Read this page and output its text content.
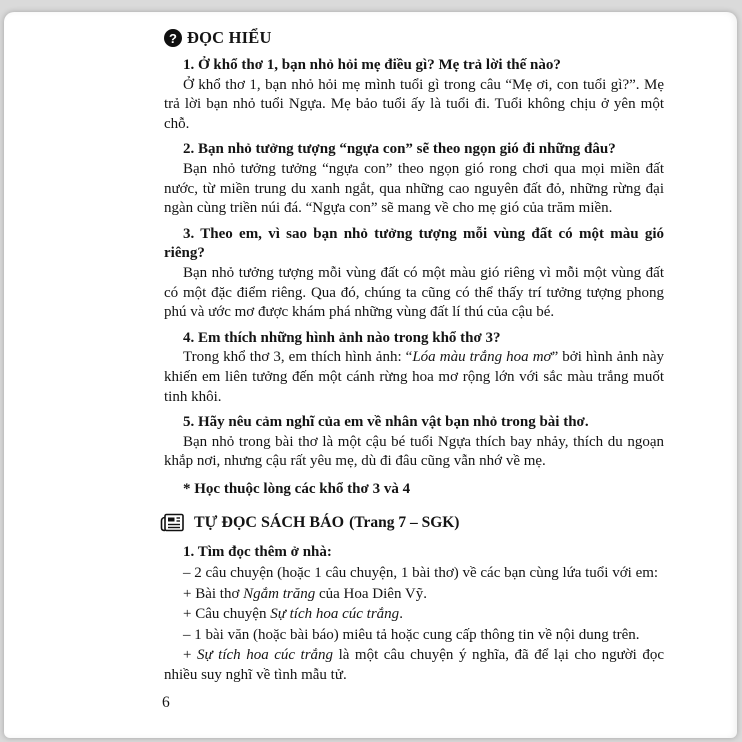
? ĐỌC HIỂU

1. Ở khổ thơ 1, bạn nhỏ hỏi mẹ điều gì? Mẹ trả lời thế nào?

Ở khổ thơ 1, bạn nhỏ hỏi mẹ mình tuổi gì trong câu “Mẹ ơi, con tuổi gì?”. Mẹ trả lời bạn nhỏ tuổi Ngựa. Mẹ bảo tuổi ấy là tuổi đi. Tuổi không chịu ở yên một chỗ.

2. Bạn nhỏ tưởng tượng “ngựa con” sẽ theo ngọn gió đi những đâu?

Bạn nhỏ tưởng tưởng “ngựa con” theo ngọn gió rong chơi qua mọi miền đất nước, từ miền trung du xanh ngắt, qua những cao nguyên đất đỏ, những rừng đại ngàn cùng triền núi đá. “Ngựa con” sẽ mang về cho mẹ gió của trăm miền.

3. Theo em, vì sao bạn nhỏ tưởng tượng mỗi vùng đất có một màu gió riêng?

Bạn nhỏ tưởng tượng mỗi vùng đất có một màu gió riêng vì mỗi một vùng đất có một đặc điểm riêng. Qua đó, chúng ta cũng có thể thấy trí tưởng tượng phong phú và ước mơ được khám phá những vùng đất lí thú của cậu bé.

4. Em thích những hình ảnh nào trong khổ thơ 3?

Trong khổ thơ 3, em thích hình ảnh: “Lóa màu trắng hoa mơ” bởi hình ảnh này khiến em liên tưởng đến một cánh rừng hoa mơ rộng lớn với sắc màu trắng muốt tinh khôi.

5. Hãy nêu cảm nghĩ của em về nhân vật bạn nhỏ trong bài thơ.

Bạn nhỏ trong bài thơ là một cậu bé tuổi Ngựa thích bay nhảy, thích du ngoạn khắp nơi, nhưng cậu rất yêu mẹ, dù đi đâu cũng vẫn nhớ về mẹ.

* Học thuộc lòng các khổ thơ 3 và 4

TỰ ĐỌC SÁCH BÁO (Trang 7 – SGK)

1. Tìm đọc thêm ở nhà:

– 2 câu chuyện (hoặc 1 câu chuyện, 1 bài thơ) về các bạn cùng lứa tuổi với em:

+ Bài thơ Ngắm trăng của Hoa Diên Vỹ.

+ Câu chuyện Sự tích hoa cúc trắng.

– 1 bài văn (hoặc bài báo) miêu tả hoặc cung cấp thông tin về nội dung trên.

+ Sự tích hoa cúc trắng là một câu chuyện ý nghĩa, đã để lại cho người đọc nhiều suy nghĩ về tình mẫu tử.

6
